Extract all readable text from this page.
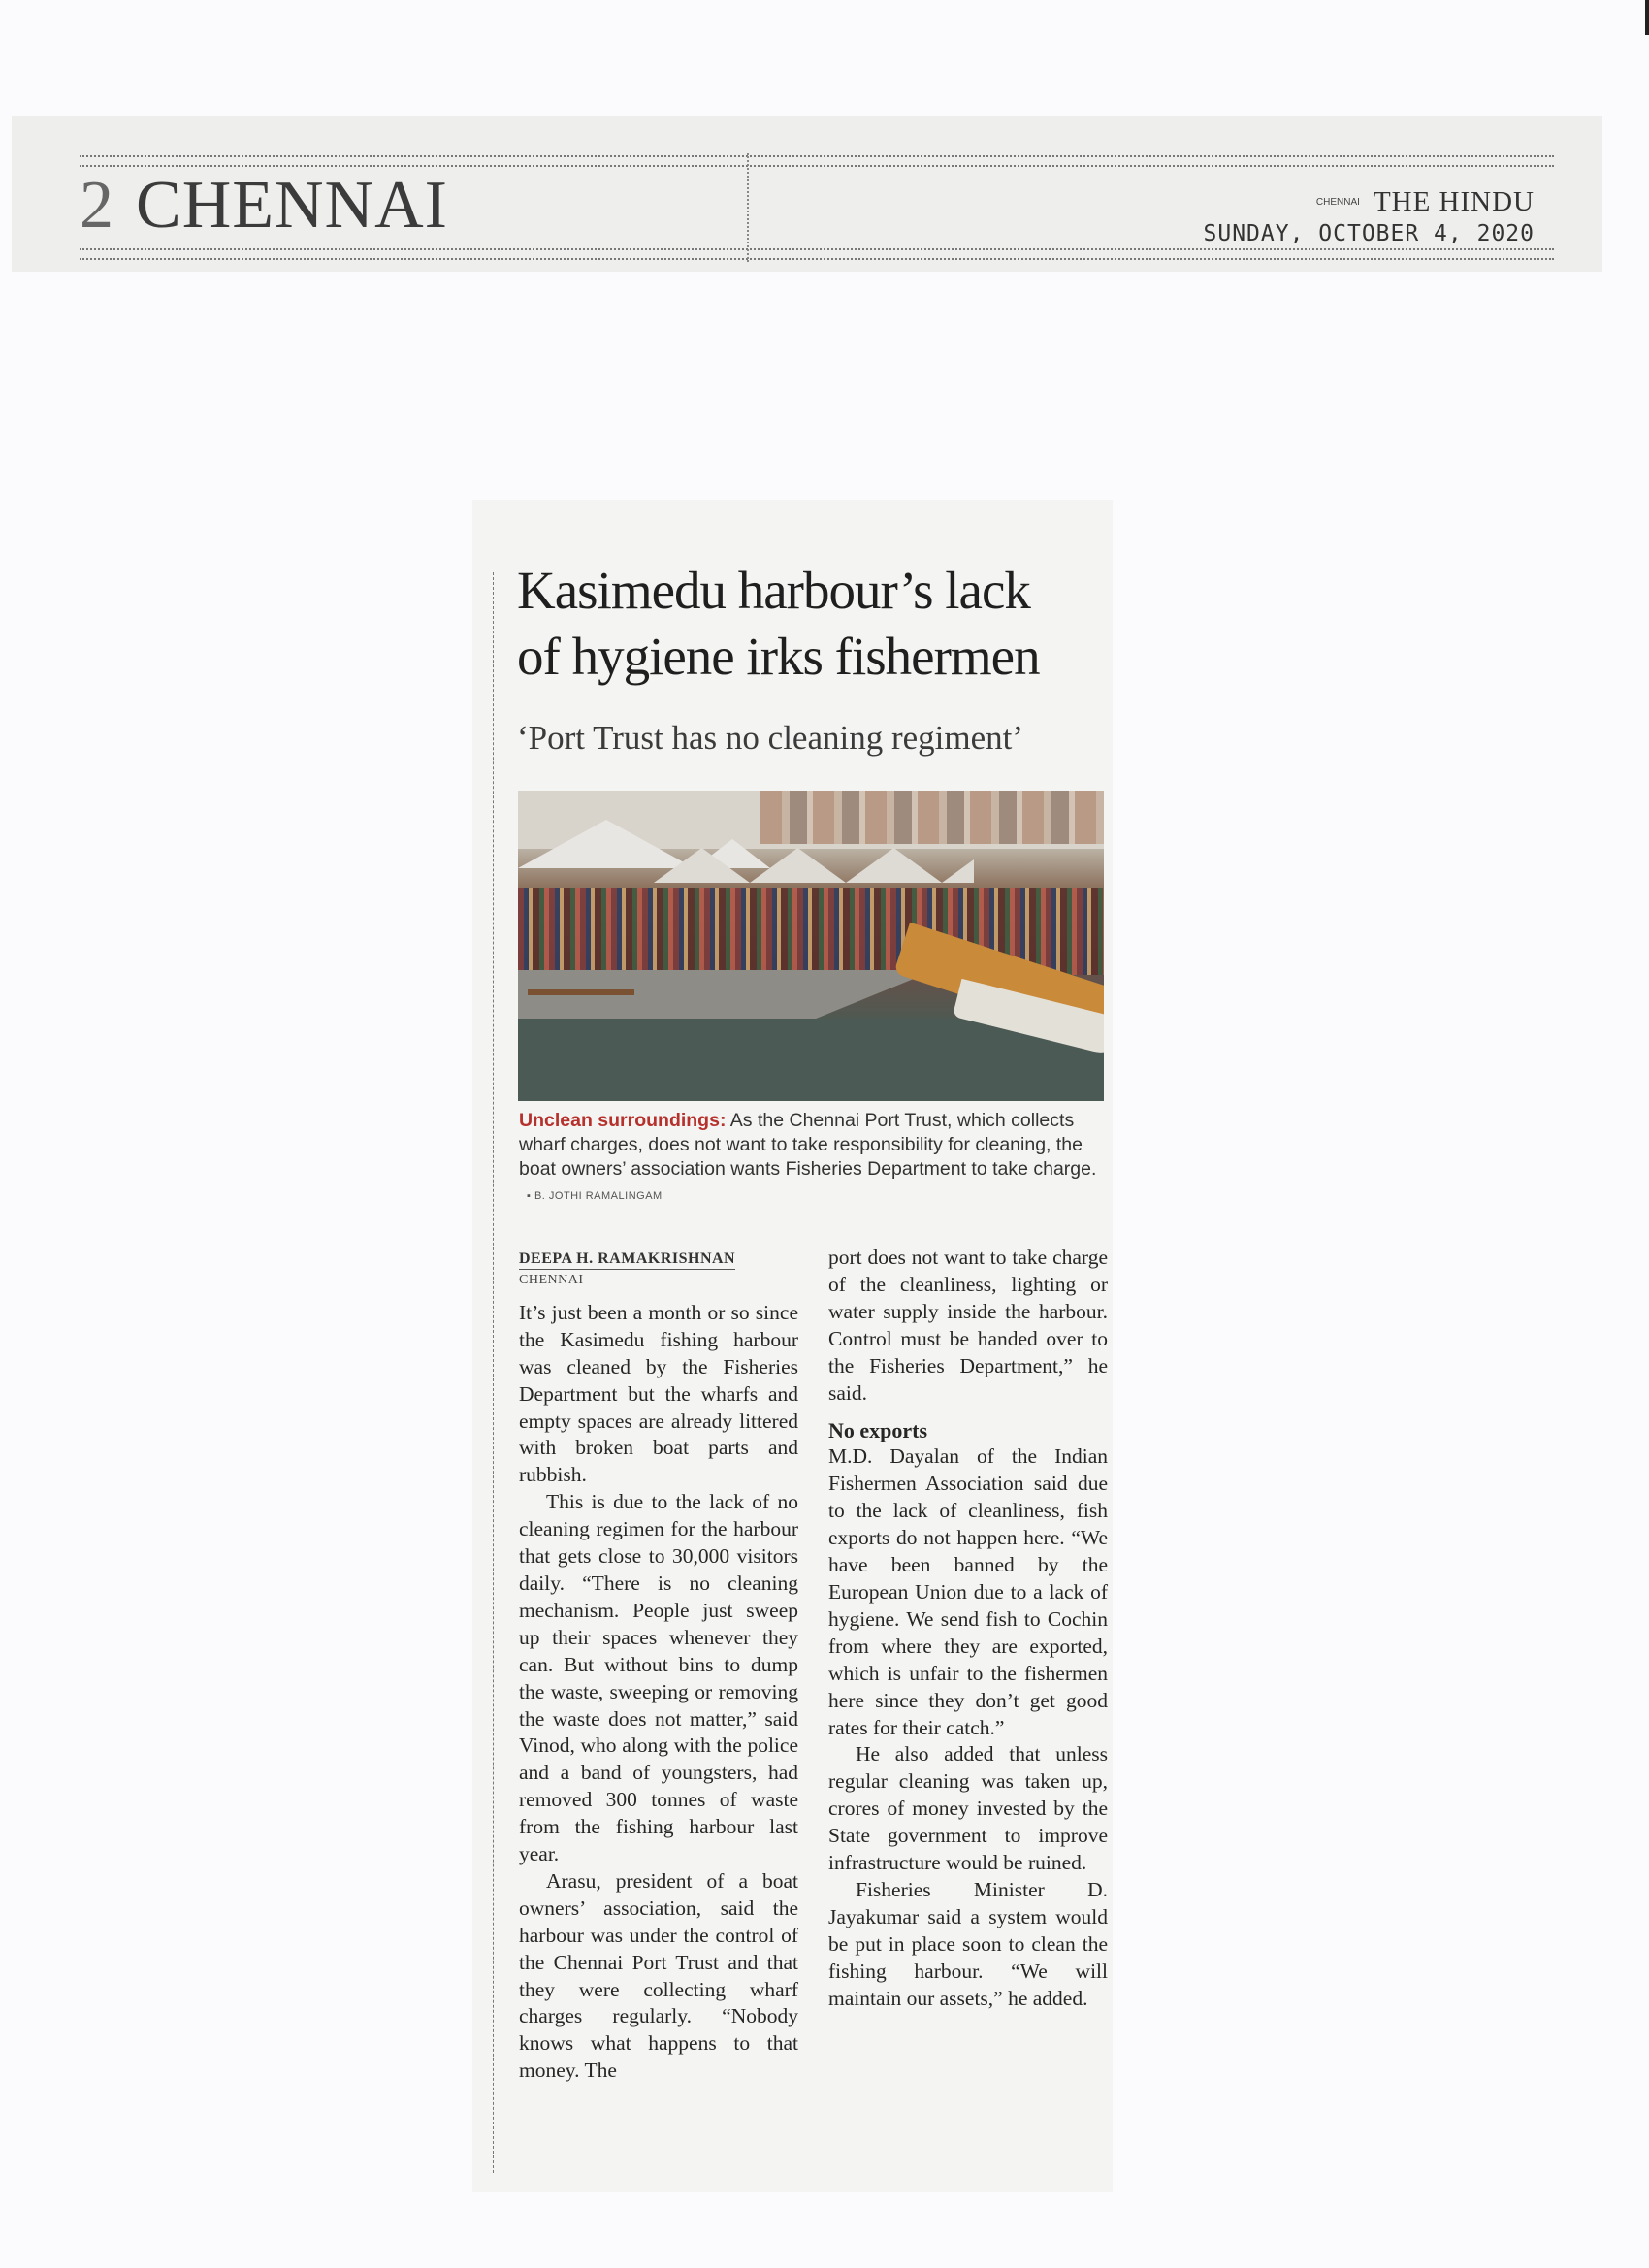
2 CHENNAI	CHENNAI THE HINDU
SUNDAY, OCTOBER 4, 2020
Kasimedu harbour’s lack
of hygiene irks fishermen
‘Port Trust has no cleaning regiment’
Unclean surroundings: As the Chennai Port Trust, which collects wharf charges, does not want to take responsibility for cleaning, the boat owners’ association wants Fisheries Department to take charge. ▪ B. JOTHI RAMALINGAM
DEEPA H. RAMAKRISHNAN
CHENNAI

It’s just been a month or so since the Kasimedu fishing harbour was cleaned by the Fisheries Department but the wharfs and empty spaces are already littered with broken boat parts and rubbish.

This is due to the lack of no cleaning regimen for the harbour that gets close to 30,000 visitors daily. “There is no cleaning mechanism. People just sweep up their spaces whenever they can. But without bins to dump the waste, sweeping or removing the waste does not matter,” said Vinod, who along with the police and a band of youngsters, had removed 300 tonnes of waste from the fishing harbour last year.

Arasu, president of a boat owners’ association, said the harbour was under the control of the Chennai Port Trust and that they were collecting wharf charges regularly. “Nobody knows what happens to that money. The

port does not want to take charge of the cleanliness, lighting or water supply inside the harbour. Control must be handed over to the Fisheries Department,” he said.

No exports

M.D. Dayalan of the Indian Fishermen Association said due to the lack of cleanliness, fish exports do not happen here. “We have been banned by the European Union due to a lack of hygiene. We send fish to Cochin from where they are exported, which is unfair to the fishermen here since they don’t get good rates for their catch.”

He also added that unless regular cleaning was taken up, crores of money invested by the State government to improve infrastructure would be ruined.

Fisheries Minister D. Jayakumar said a system would be put in place soon to clean the fishing harbour. “We will maintain our assets,” he added.
